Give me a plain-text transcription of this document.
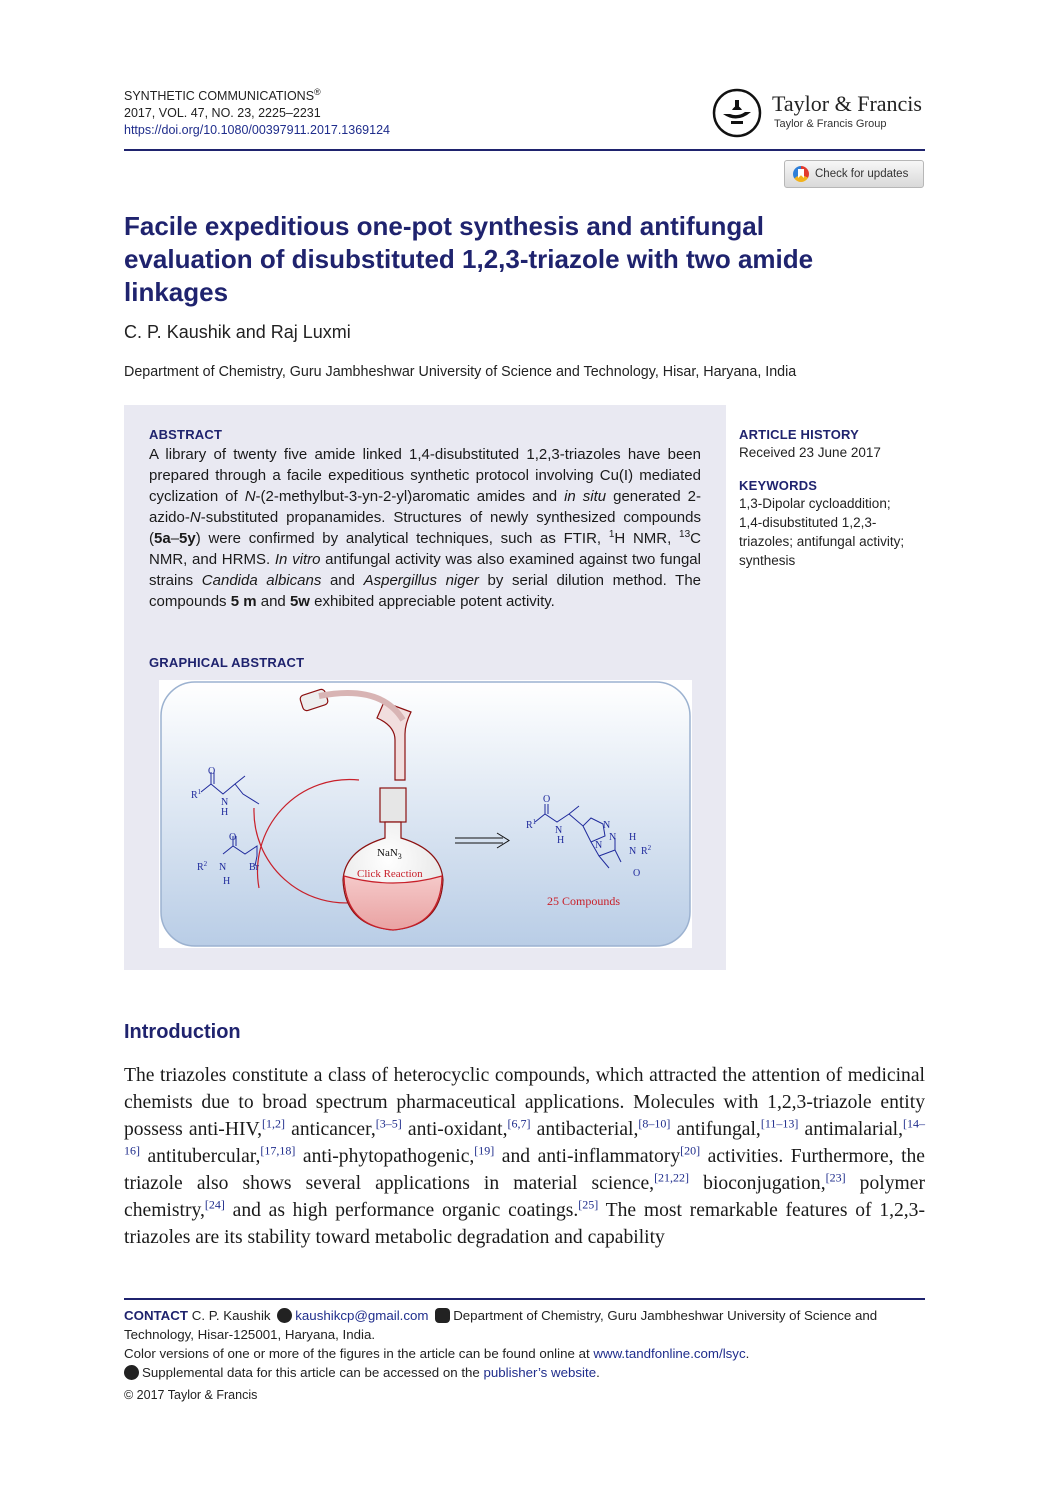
SYNTHETIC COMMUNICATIONS®
2017, VOL. 47, NO. 23, 2225–2231
https://doi.org/10.1080/00397911.2017.1369124
Taylor & Francis
Taylor & Francis Group
Check for updates
Facile expeditious one-pot synthesis and antifungal evaluation of disubstituted 1,2,3-triazole with two amide linkages
C. P. Kaushik and Raj Luxmi
Department of Chemistry, Guru Jambheshwar University of Science and Technology, Hisar, Haryana, India
ABSTRACT
A library of twenty five amide linked 1,4-disubstituted 1,2,3-triazoles have been prepared through a facile expeditious synthetic protocol involving Cu(I) mediated cyclization of N-(2-methylbut-3-yn-2-yl)aromatic amides and in situ generated 2-azido-N-substituted propanamides. Structures of newly synthesized compounds (5a–5y) were confirmed by analytical techniques, such as FTIR, $^1$H NMR, $^{13}$C NMR, and HRMS. In vitro antifungal activity was also examined against two fungal strains Candida albicans and Aspergillus niger by serial dilution method. The compounds 5 m and 5w exhibited appreciable potent activity.
GRAPHICAL ABSTRACT
NaN$_3$
Click Reaction
$R^1$
O
N
H
O
$R^2$ N
H
Br
$R^1$
O
N
H
N
N
N
H
N $R^2$
O
25 Compounds
ARTICLE HISTORY
Received 23 June 2017
KEYWORDS
1,3-Dipolar cycloaddition;
1,4-disubstituted 1,2,3-
triazoles; antifungal activity;
synthesis
Introduction
The triazoles constitute a class of heterocyclic compounds, which attracted the attention of medicinal chemists due to broad spectrum pharmaceutical applications. Molecules with 1,2,3-triazole entity possess anti-HIV,[1,2] anticancer,[3–5] anti-oxidant,[6,7] antibacterial,[8–10] antifungal,[11–13] antimalarial,[14–16] antitubercular,[17,18] anti-phytopathogenic,[19] and anti-inflammatory[20] activities. Furthermore, the triazole also shows several applications in material science,[21,22] bioconjugation,[23] polymer chemistry,[24] and as high performance organic coatings.[25] The most remarkable features of 1,2,3-triazoles are its stability toward metabolic degradation and capability
CONTACT C. P. Kaushik kaushikcp@gmail.com Department of Chemistry, Guru Jambheshwar University of Science and Technology, Hisar-125001, Haryana, India.
Color versions of one or more of the figures in the article can be found online at www.tandfonline.com/lsyc.
Supplemental data for this article can be accessed on the publisher’s website.
© 2017 Taylor & Francis
